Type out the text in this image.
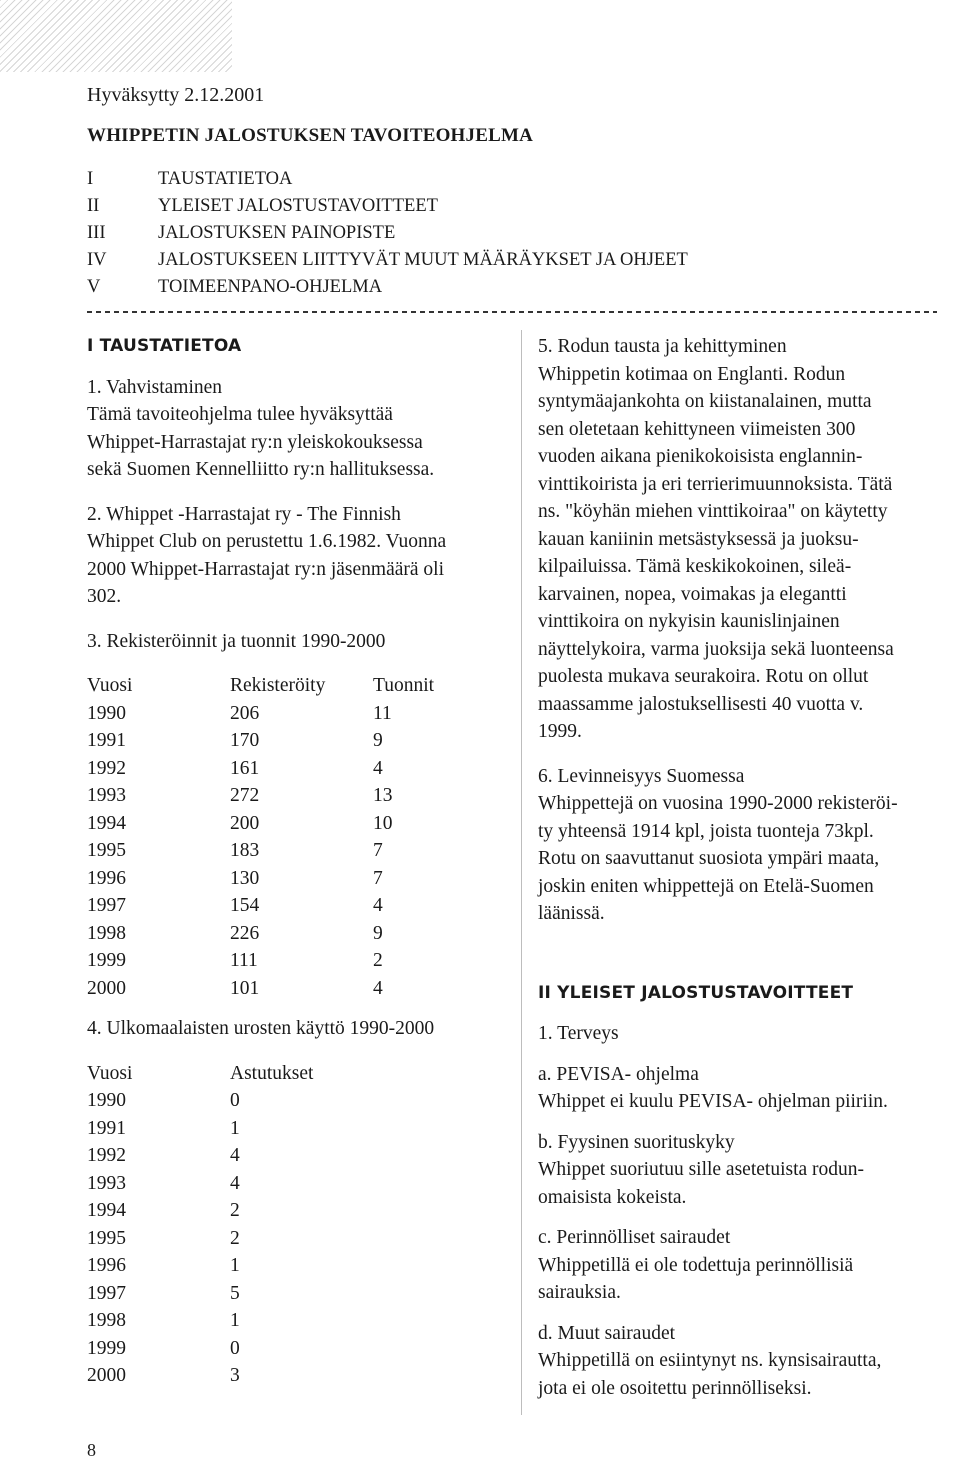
Hyväksytty 2.12.2001
WHIPPETIN JALOSTUKSEN TAVOITEOHJELMA
I	TAUSTATIETOA
II	YLEISET JALOSTUSTAVOITTEET
III	JALOSTUKSEN PAINOPISTE
IV	JALOSTUKSEEN LIITTYVÄT MUUT MÄÄRÄYKSET JA OHJEET
V	TOIMEENPANO-OHJELMA
I TAUSTATIETOA
1. Vahvistaminen
Tämä tavoiteohjelma tulee hyväksyttää
Whippet-Harrastajat ry:n yleiskokouksessa
sekä Suomen Kennelliitto ry:n hallituksessa.
2. Whippet -Harrastajat ry - The Finnish
Whippet Club on perustettu 1.6.1982. Vuonna
2000 Whippet-Harrastajat ry:n jäsenmäärä oli
302.
3. Rekisteröinnit ja tuonnit 1990-2000
Vuosi	Rekisteröity	Tuonnit
1990	206	11
1991	170	9
1992	161	4
1993	272	13
1994	200	10
1995	183	7
1996	130	7
1997	154	4
1998	226	9
1999	111	2
2000	101	4
4. Ulkomaalaisten urosten käyttö 1990-2000
Vuosi	Astutukset
1990	0
1991	1
1992	4
1993	4
1994	2
1995	2
1996	1
1997	5
1998	1
1999	0
2000	3
5. Rodun tausta ja kehittyminen
Whippetin kotimaa on Englanti. Rodun
syntymäajankohta on kiistanalainen, mutta
sen oletetaan kehittyneen viimeisten 300
vuoden aikana pienikokoisista englannin-
vinttikoirista ja eri terrierimuunnoksista. Tätä
ns. "köyhän miehen vinttikoiraa" on käytetty
kauan kaniinin metsästyksessä ja juoksu-
kilpailuissa. Tämä keskikokoinen, sileä-
karvainen, nopea, voimakas ja elegantti
vinttikoira on nykyisin kaunislinjainen
näyttelykoira, varma juoksija sekä luonteensa
puolesta mukava seurakoira. Rotu on ollut
maassamme jalostuksellisesti 40 vuotta v.
1999.
6. Levinneisyys Suomessa
Whippettejä on vuosina 1990-2000 rekisteröi-
ty yhteensä 1914 kpl, joista tuonteja 73kpl.
Rotu on saavuttanut suosiota ympäri maata,
joskin eniten whippettejä on Etelä-Suomen
läänissä.
II YLEISET JALOSTUSTAVOITTEET
1. Terveys
a. PEVISA- ohjelma
Whippet ei kuulu PEVISA- ohjelman piiriin.
b. Fyysinen suorituskyky
Whippet suoriutuu sille asetetuista rodun-
omaisista kokeista.
c. Perinnölliset sairaudet
Whippetillä ei ole todettuja perinnöllisiä
sairauksia.
d. Muut sairaudet
Whippetillä on esiintynyt ns. kynsisairautta,
jota ei ole osoitettu perinnölliseksi.
8
